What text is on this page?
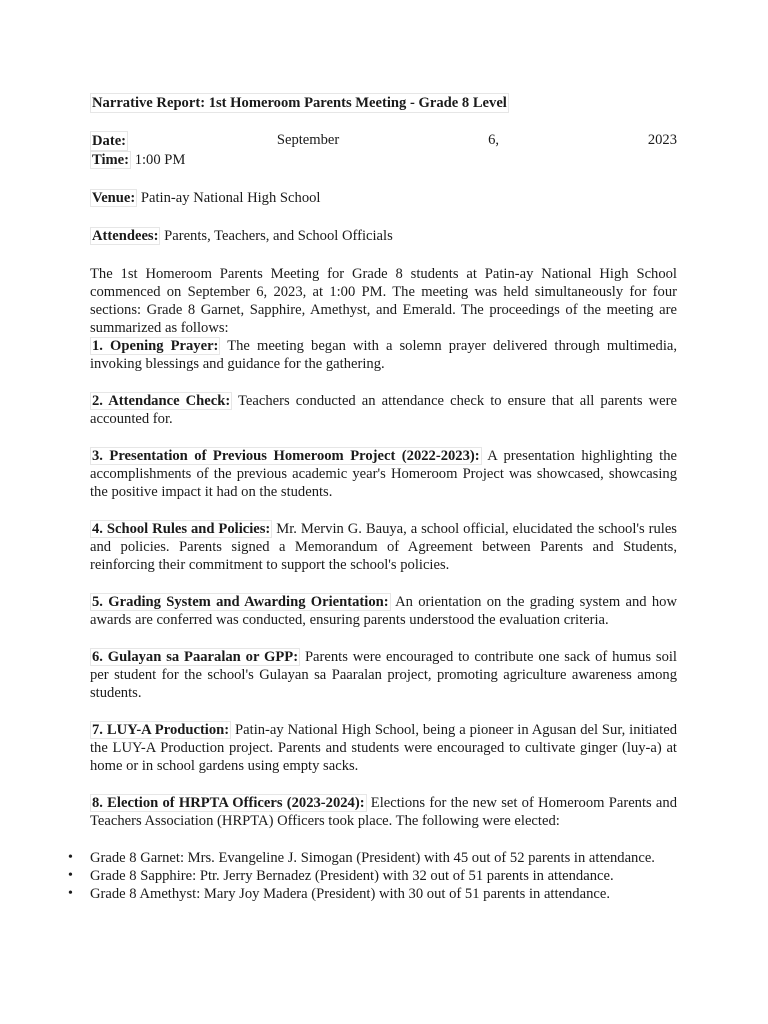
Narrative Report: 1st Homeroom Parents Meeting - Grade 8 Level
Date:	September	6,	2023
Time: 1:00 PM
Venue: Patin-ay National High School
Attendees: Parents, Teachers, and School Officials

The 1st Homeroom Parents Meeting for Grade 8 students at Patin-ay National High School commenced on September 6, 2023, at 1:00 PM. The meeting was held simultaneously for four sections: Grade 8 Garnet, Sapphire, Amethyst, and Emerald. The proceedings of the meeting are summarized as follows:

1. Opening Prayer: The meeting began with a solemn prayer delivered through multimedia, invoking blessings and guidance for the gathering.

2. Attendance Check: Teachers conducted an attendance check to ensure that all parents were accounted for.

3. Presentation of Previous Homeroom Project (2022-2023): A presentation highlighting the accomplishments of the previous academic year's Homeroom Project was showcased, showcasing the positive impact it had on the students.

4. School Rules and Policies: Mr. Mervin G. Bauya, a school official, elucidated the school's rules and policies. Parents signed a Memorandum of Agreement between Parents and Students, reinforcing their commitment to support the school's policies.

5. Grading System and Awarding Orientation: An orientation on the grading system and how awards are conferred was conducted, ensuring parents understood the evaluation criteria.

6. Gulayan sa Paaralan or GPP: Parents were encouraged to contribute one sack of humus soil per student for the school's Gulayan sa Paaralan project, promoting agriculture awareness among students.

7. LUY-A Production: Patin-ay National High School, being a pioneer in Agusan del Sur, initiated the LUY-A Production project. Parents and students were encouraged to cultivate ginger (luy-a) at home or in school gardens using empty sacks.

8. Election of HRPTA Officers (2023-2024): Elections for the new set of Homeroom Parents and Teachers Association (HRPTA) Officers took place. The following were elected:

• Grade 8 Garnet: Mrs. Evangeline J. Simogan (President) with 45 out of 52 parents in attendance.
• Grade 8 Sapphire: Ptr. Jerry Bernadez (President) with 32 out of 51 parents in attendance.
• Grade 8 Amethyst: Mary Joy Madera (President) with 30 out of 51 parents in attendance.
